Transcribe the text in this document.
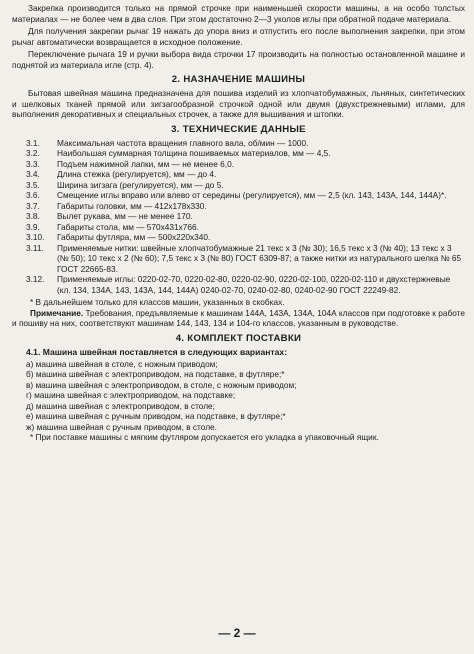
Закрепка производится только на прямой строчке при наименьшей скорости машины, а на особо толстых материалах — не более чем в два слоя. При этом достаточно 2—3 уколов иглы при обратной подаче материала.

Для получения закрепки рычаг 19 нажать до упора вниз и отпустить его после выполнения закрепки, при этом рычаг автоматически возвращается в исходное положение.

Переключение рычага 19 и ручки выбора вида строчки 17 производить на полностью остановленной машине и поднятой из материала игле (стр. 4).

2. НАЗНАЧЕНИЕ МАШИНЫ

Бытовая швейная машина предназначена для пошива изделий из хлопчатобумажных, льняных, синтетических и шелковых тканей прямой или зигзагообразной строчкой одной или двумя (двухстрежневыми) иглами, для выполнения декоративных и специальных строчек, а также для вышивания и штопки.

3. ТЕХНИЧЕСКИЕ ДАННЫЕ
3.1.	Максимальная частота вращения главного вала, об/мин — 1000.
3.2.	Наибольшая суммарная толщина пошиваемых материалов, мм — 4,5.
3.3.	Подъем нажимной лапки, мм — не менее 6,0.
3.4.	Длина стежка (регулируется), мм — до 4.
3.5.	Ширина зигзага (регулируется), мм — до 5.
3.6.	Смещение иглы вправо или влево от середины (регулируется), мм — 2,5 (кл. 143, 143А, 144, 144А)*.
3.7.	Габариты головки, мм — 412х178х330.
3.8.	Вылет рукава, мм — не менее 170.
3.9.	Габариты стола, мм — 570х431х766.
3.10.	Габариты футляра, мм — 500х220х340.
3.11.	Применяемые нитки: швейные хлопчатобумажные 21 текс х 3 (№ 30); 16,5 текс х 3 (№ 40); 13 текс х 3 (№ 50); 10 текс х 2 (№ 60); 7,5 текс х 3 (№ 80) ГОСТ 6309-87; а также нитки из натурального шелка № 65 ГОСТ 22665-83.
3.12.	Применяемые иглы: 0220-02-70, 0220-02-80, 0220-02-90, 0220-02-100, 0220-02-110 и двухстержневые (кл. 134, 134А, 143, 143А, 144, 144А) 0240-02-70, 0240-02-80, 0240-02-90 ГОСТ 22249-82.

* В дальнейшем только для классов машин, указанных в скобках.

Примечание. Требования, предъявляемые к машинам 144А, 143А, 134А, 104А классов при подготовке к работе и пошиву на них, соответствуют машинам 144, 143, 134 и 104-го классов, указанным в руководстве.

4. КОМПЛЕКТ ПОСТАВКИ
4.1. Машина швейная поставляется в следующих вариантах:
а) машина швейная в столе, с ножным приводом;
б) машина швейная с электроприводом, на подставке, в футляре;*
в) машина швейная с электроприводом, в столе, с ножным приводом;
г) машина швейная с электроприводом, на подставке;
д) машина швейная с электроприводом, в столе;
е) машина швейная с ручным приводом, на подставке, в футляре;*
ж) машина швейная с ручным приводом, в столе.

* При поставке машины с мягким футляром допускается его укладка в упаковочный ящик.

— 2 —
